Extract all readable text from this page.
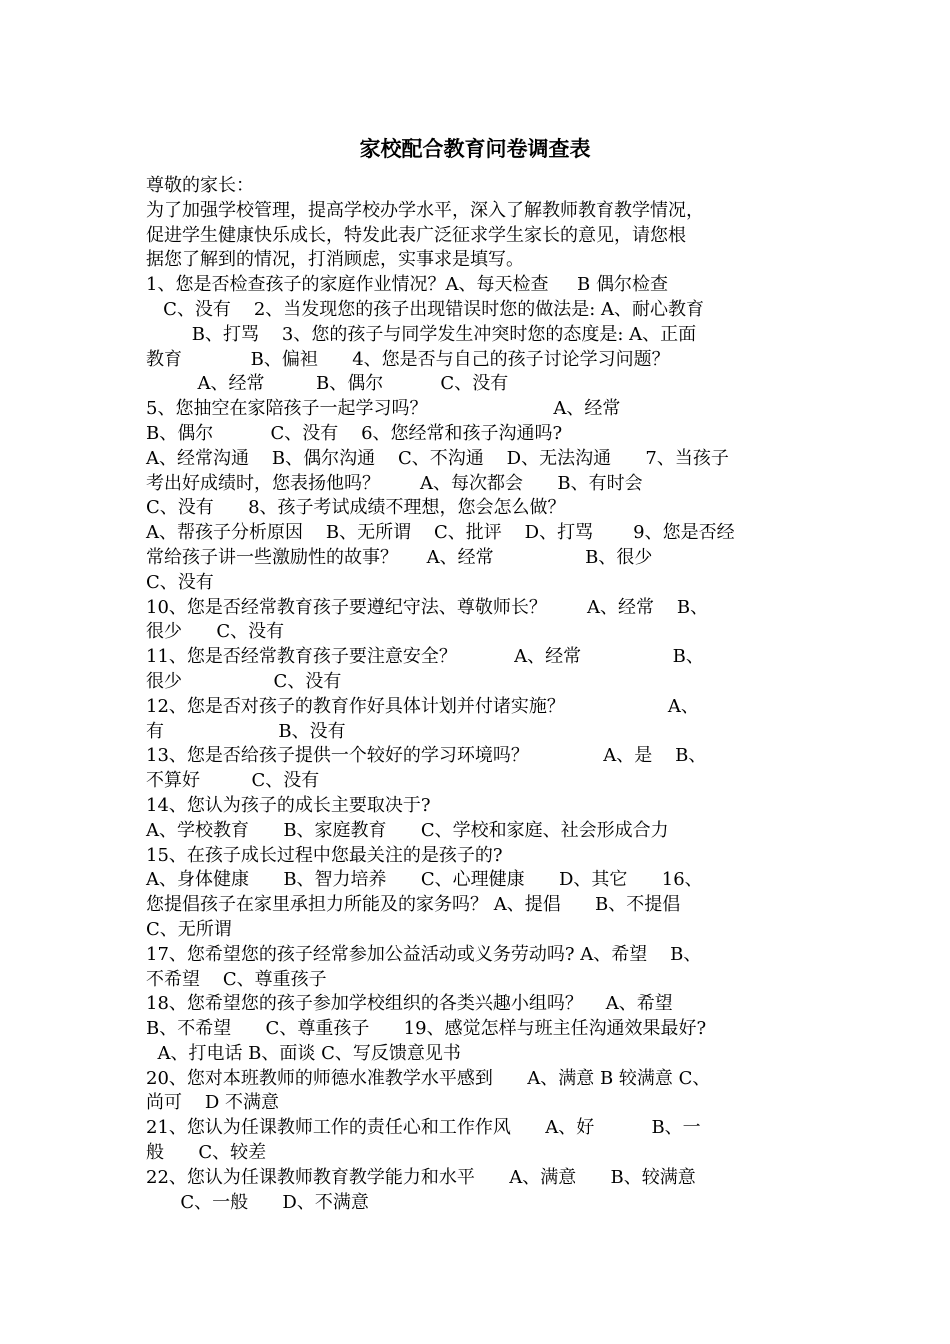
家校配合教育问卷调查表
尊敬的家长：
为了加强学校管理，提高学校办学水平，深入了解教师教育教学情况，
促进学生健康快乐成长，特发此表广泛征求学生家长的意见，请您根
据您了解到的情况，打消顾虑，实事求是填写。
1、您是否检查孩子的家庭作业情况？A、每天检查     B 偶尔检查
C、没有    2、当发现您的孩子出现错误时您的做法是: A、耐心教育
B、打骂    3、您的孩子与同学发生冲突时您的态度是: A、正面
教育            B、偏袒      4、您是否与自己的孩子讨论学习问题？
A、经常         B、偶尔          C、没有
5、您抽空在家陪孩子一起学习吗？                      A、经常
B、偶尔          C、没有    6、您经常和孩子沟通吗?
A、经常沟通    B、偶尔沟通    C、不沟通    D、无法沟通      7、当孩子
考出好成绩时，您表扬他吗？       A、每次都会      B、有时会
C、没有      8、孩子考试成绩不理想，您会怎么做？
A、帮孩子分析原因    B、无所谓    C、批评    D、打骂       9、您是否经
常给孩子讲一些激励性的故事？     A、经常                B、很少
C、没有
10、您是否经常教育孩子要遵纪守法、尊敬师长？       A、经常    B、
很少      C、没有
11、您是否经常教育孩子要注意安全？          A、经常                B、
很少                C、没有
12、您是否对孩子的教育作好具体计划并付诸实施？                  A、
有                    B、没有
13、您是否给孩子提供一个较好的学习环境吗？             A、是    B、
不算好         C、没有
14、您认为孩子的成长主要取决于?
A、学校教育      B、家庭教育      C、学校和家庭、社会形成合力
15、在孩子成长过程中您最关注的是孩子的?
A、身体健康      B、智力培养      C、心理健康      D、其它      16、
您提倡孩子在家里承担力所能及的家务吗？ A、提倡      B、不提倡
C、无所谓
17、您希望您的孩子经常参加公益活动或义务劳动吗? A、希望    B、
不希望    C、尊重孩子
18、您希望您的孩子参加学校组织的各类兴趣小组吗？    A、希望
B、不希望      C、尊重孩子      19、感觉怎样与班主任沟通效果最好?
A、打电话 B、面谈 C、写反馈意见书
20、您对本班教师的师德水准教学水平感到      A、满意 B 较满意 C、
尚可    D 不满意
21、您认为任课教师工作的责任心和工作作风      A、好          B、一
般      C、较差
22、您认为任课教师教育教学能力和水平      A、满意      B、较满意
C、一般      D、不满意
